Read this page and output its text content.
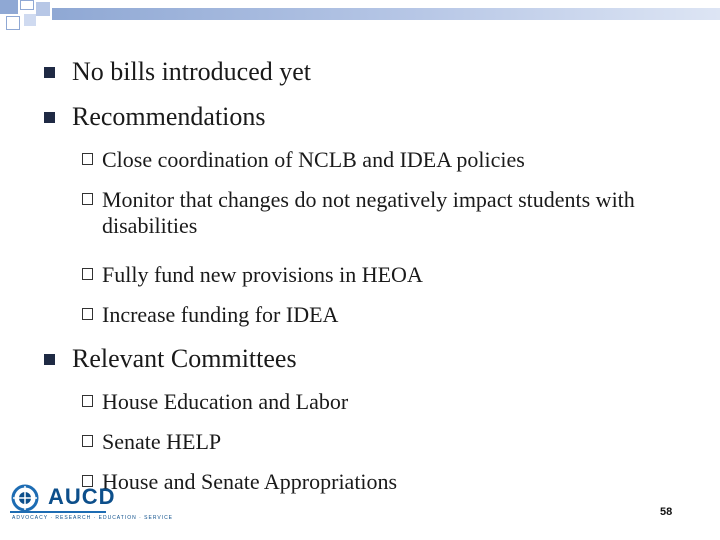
No bills introduced yet
Recommendations
Close coordination of NCLB and IDEA policies
Monitor that changes do not negatively impact students with disabilities
Fully fund new provisions in HEOA
Increase funding for IDEA
Relevant Committees
House Education and Labor
Senate HELP
House and Senate Appropriations
AUCD
ADVOCACY · RESEARCH · EDUCATION · SERVICE	58
